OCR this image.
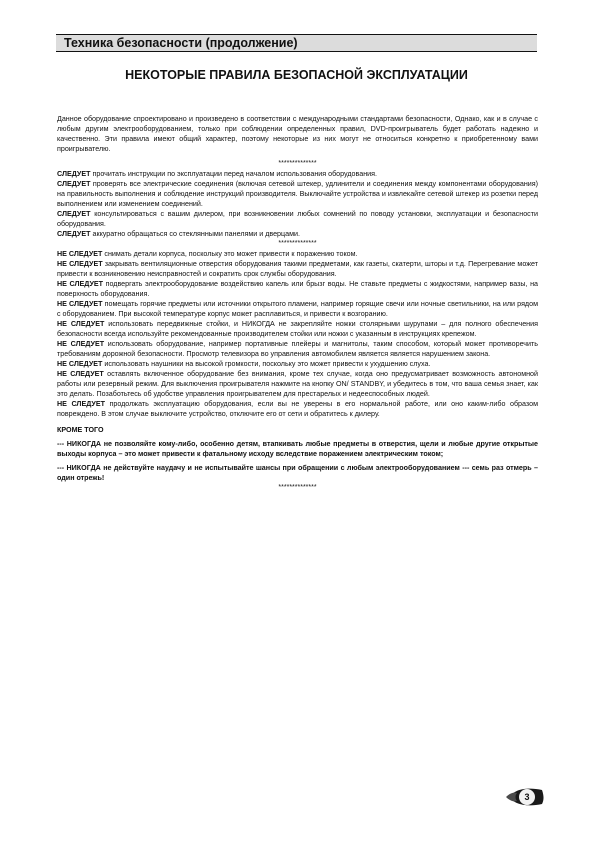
Техника безопасности (продолжение)
НЕКОТОРЫЕ ПРАВИЛА БЕЗОПАСНОЙ ЭКСПЛУАТАЦИИ

Данное оборудование спроектировано и произведено в соответствии с международными стандартами безопасности, Однако, как и в случае с любым другим электрооборудованием, только при соблюдении определенных правил, DVD-проигрыватель будет работать надежно и качественно. Эти правила имеют общий характер, поэтому некоторые из них могут не относиться конкретно к приобретенному вами проигрывателю.

**************

СЛЕДУЕТ прочитать инструкции по эксплуатации перед началом использования оборудования.

СЛЕДУЕТ проверять все электрические соединения (включая сетевой штекер, удлинители и соединения между компонентами оборудования) на правильность выполнения и соблюдение инструкций производителя. Выключайте устройства и извлекайте сетевой штекер из розетки перед выполнением или изменением соединений.

СЛЕДУЕТ консультироваться с вашим дилером, при возникновении любых сомнений по поводу установки, эксплуатации и безопасности оборудования.

СЛЕДУЕТ аккуратно обращаться со стеклянными панелями и дверцами.

**************

НЕ СЛЕДУЕТ снимать детали корпуса, поскольку это может привести к поражению током.

НЕ СЛЕДУЕТ закрывать вентиляционные отверстия оборудования такими предметами, как газеты, скатерти, шторы и т.д. Перегревание может привести к возникновению неисправностей и сократить срок службы оборудования.

НЕ СЛЕДУЕТ подвергать электрооборудование воздействию капель или брызг воды. Не ставьте предметы с жидкостями, например вазы, на поверхность оборудования.

НЕ СЛЕДУЕТ помещать горячие предметы или источники открытого пламени, например горящие свечи или ночные светильники, на или рядом с оборудованием. При высокой температуре корпус может расплавиться, и привести к возгоранию.

НЕ СЛЕДУЕТ использовать передвижные стойки, и НИКОГДА не закрепляйте ножки столярными шурупами – для полного обеспечения безопасности всегда используйте рекомендованные производителем стойки или ножки с указанным в инструкциях крепежом.

НЕ СЛЕДУЕТ использовать оборудование, например портативные плейеры и магнитолы, таким способом, который может противоречить требованиям дорожной безопасности. Просмотр телевизора во управления автомобилем является является нарушением закона.

НЕ СЛЕДУЕТ использовать наушники на высокой громкости, поскольку это может привести к ухудшению слуха.

НЕ СЛЕДУЕТ оставлять включенное оборудование без внимания, кроме тех случае, когда оно предусматривает возможность автономной работы или резервный режим. Для выключения проигрывателя нажмите на кнопку ON/ STANDBY, и убедитесь в том, что ваша семья знает, как это делать. Позаботьтесь об удобстве управления проигрывателем для престарелых и недееспособных людей.

НЕ СЛЕДУЕТ продолжать эксплуатацию оборудования, если вы не уверены в его нормальной работе, или оно каким-либо образом повреждено. В этом случае выключите устройство, отключите его от сети и обратитесь к дилеру.

КРОМЕ ТОГО

--- НИКОГДА не позволяйте кому-либо, особенно детям, втапкивать любые предметы в отверстия, щели и любые другие открытые выходы корпуса – это может привести к фатальному исходу вследствие поражением электрическим током;

--- НИКОГДА не действуйте наудачу и не испытывайте шансы при обращении с любым электрооборудованием --- семь раз отмерь – один отрежь!

**************

3
